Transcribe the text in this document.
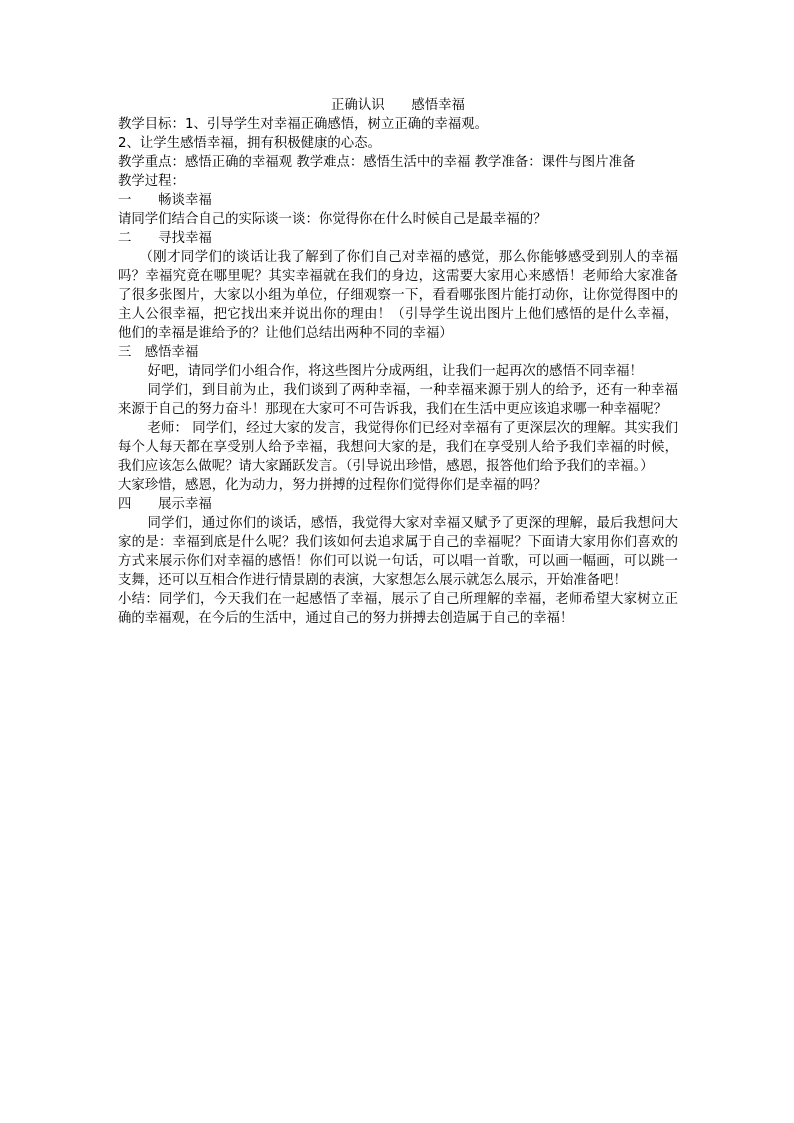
正确认识　　感悟幸福
教学目标：1、引导学生对幸福正确感悟，树立正确的幸福观。
2、让学生感悟幸福，拥有积极健康的心态。
教学重点：感悟正确的幸福观 教学难点：感悟生活中的幸福 教学准备：课件与图片准备
教学过程：
一　　畅谈幸福
请同学们结合自己的实际谈一谈：你觉得你在什么时候自己是最幸福的？
二　　寻找幸福
（刚才同学们的谈话让我了解到了你们自己对幸福的感觉，那么你能够感受到别人的幸福吗？幸福究竟在哪里呢？其实幸福就在我们的身边，这需要大家用心来感悟！老师给大家准备了很多张图片，大家以小组为单位，仔细观察一下，看看哪张图片能打动你，让你觉得图中的主人公很幸福，把它找出来并说出你的理由！（引导学生说出图片上他们感悟的是什么幸福，他们的幸福是谁给予的？让他们总结出两种不同的幸福）
三　感悟幸福
好吧，请同学们小组合作，将这些图片分成两组，让我们一起再次的感悟不同幸福！
同学们，到目前为止，我们谈到了两种幸福，一种幸福来源于别人的给予，还有一种幸福来源于自己的努力奋斗！那现在大家可不可告诉我，我们在生活中更应该追求哪一种幸福呢？
老师： 同学们，经过大家的发言，我觉得你们已经对幸福有了更深层次的理解。其实我们每个人每天都在享受别人给予幸福，我想问大家的是，我们在享受别人给予我们幸福的时候，我们应该怎么做呢？请大家踊跃发言。（引导说出珍惜，感恩，报答他们给予我们的幸福。）
大家珍惜，感恩，化为动力，努力拼搏的过程你们觉得你们是幸福的吗？
四　　展示幸福
同学们，通过你们的谈话，感悟，我觉得大家对幸福又赋予了更深的理解，最后我想问大家的是：幸福到底是什么呢？我们该如何去追求属于自己的幸福呢？下面请大家用你们喜欢的方式来展示你们对幸福的感悟！你们可以说一句话，可以唱一首歌，可以画一幅画，可以跳一支舞，还可以互相合作进行情景剧的表演，大家想怎么展示就怎么展示，开始准备吧！
小结：同学们，今天我们在一起感悟了幸福，展示了自己所理解的幸福，老师希望大家树立正确的幸福观，在今后的生活中，通过自己的努力拼搏去创造属于自己的幸福！
